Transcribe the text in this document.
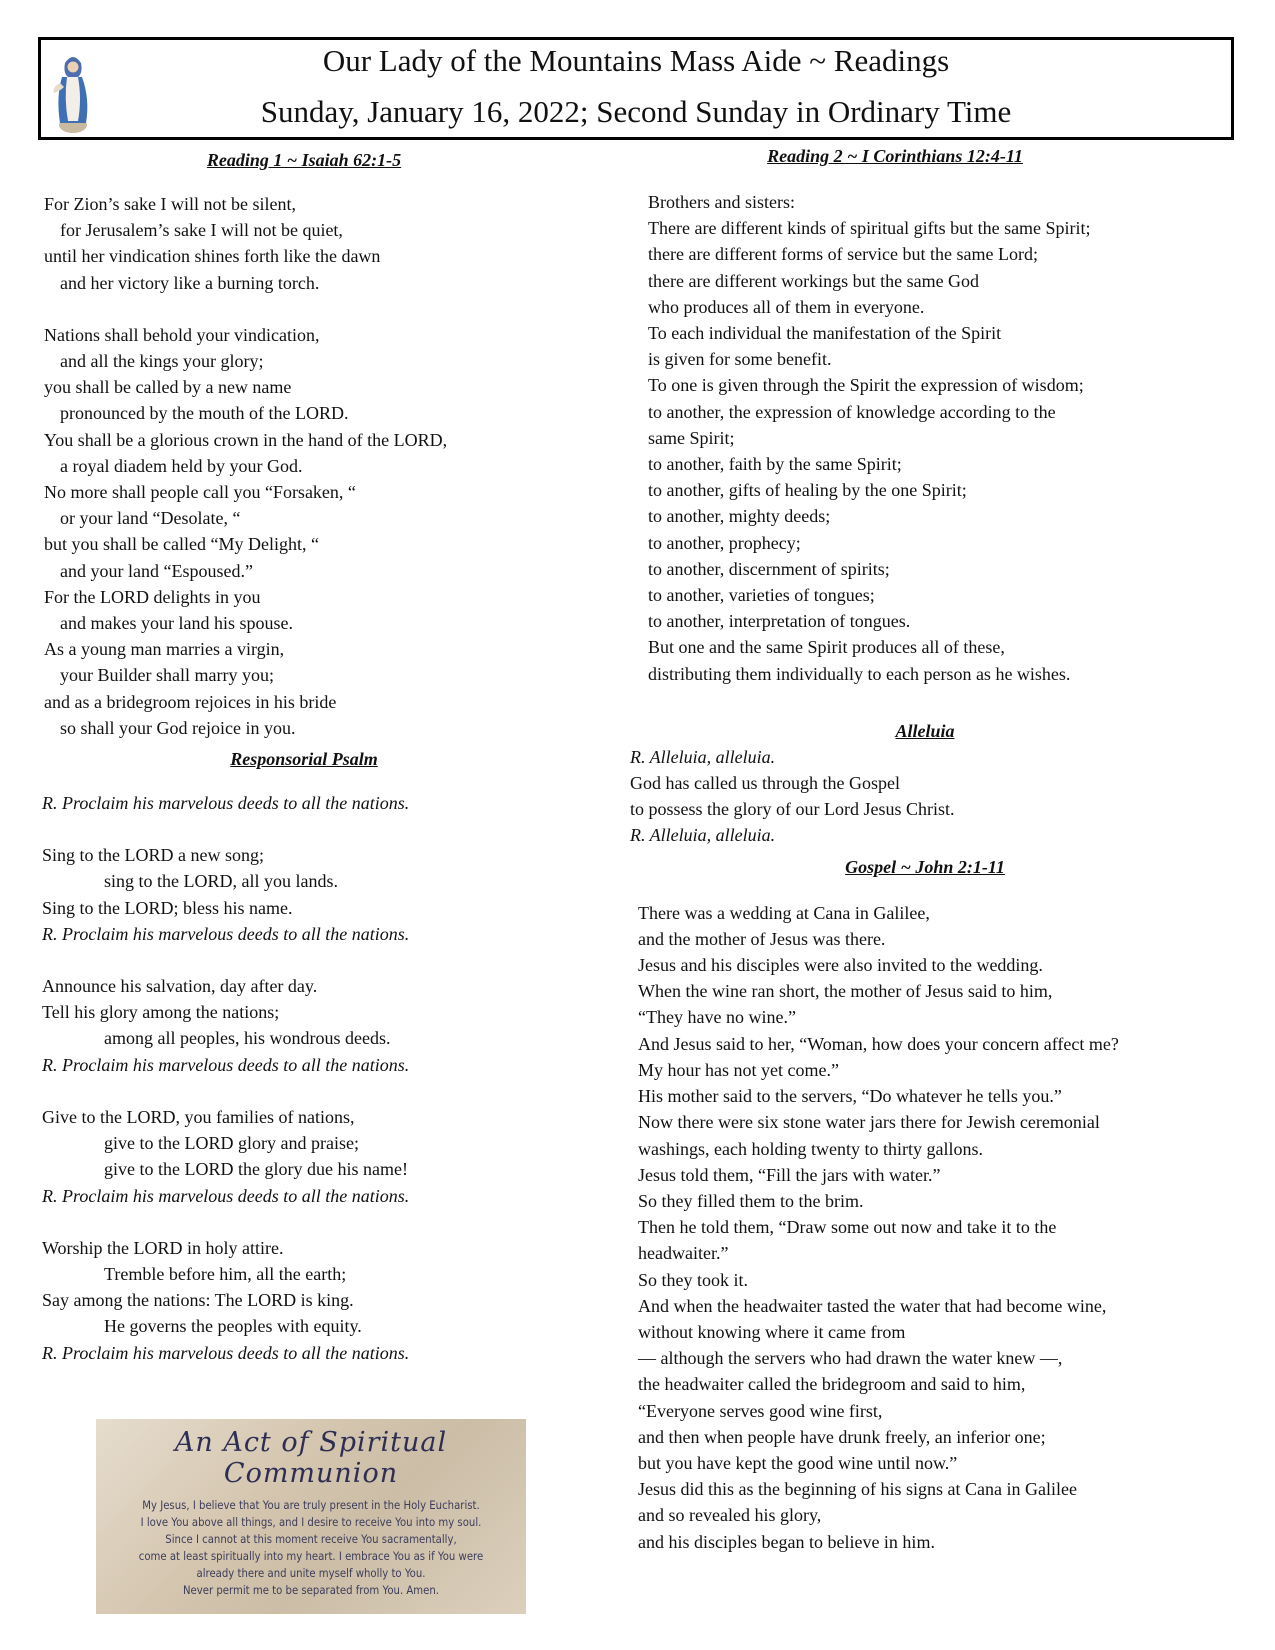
Our Lady of the Mountains Mass Aide ~ Readings
Sunday, January 16, 2022; Second Sunday in Ordinary Time
Reading 1 ~ Isaiah 62:1-5
For Zion’s sake I will not be silent,
for Jerusalem’s sake I will not be quiet,
until her vindication shines forth like the dawn
and her victory like a burning torch.
Nations shall behold your vindication,
and all the kings your glory;
you shall be called by a new name
pronounced by the mouth of the LORD.
You shall be a glorious crown in the hand of the LORD,
a royal diadem held by your God.
No more shall people call you “Forsaken, “
or your land “Desolate, “
but you shall be called “My Delight, “
and your land “Espoused.”
For the LORD delights in you
and makes your land his spouse.
As a young man marries a virgin,
your Builder shall marry you;
and as a bridegroom rejoices in his bride
so shall your God rejoice in you.
Responsorial Psalm
R. Proclaim his marvelous deeds to all the nations.
Sing to the LORD a new song;
sing to the LORD, all you lands.
Sing to the LORD; bless his name.
R. Proclaim his marvelous deeds to all the nations.
Announce his salvation, day after day.
Tell his glory among the nations;
among all peoples, his wondrous deeds.
R. Proclaim his marvelous deeds to all the nations.
Give to the LORD, you families of nations,
give to the LORD glory and praise;
give to the LORD the glory due his name!
R. Proclaim his marvelous deeds to all the nations.
Worship the LORD in holy attire.
Tremble before him, all the earth;
Say among the nations: The LORD is king.
He governs the peoples with equity.
R. Proclaim his marvelous deeds to all the nations.
An Act of Spiritual Communion
My Jesus, I believe that You are truly present in the Holy Eucharist.
I love You above all things, and I desire to receive You into my soul.
Since I cannot at this moment receive You sacramentally,
come at least spiritually into my heart. I embrace You as if You were
already there and unite myself wholly to You.
Never permit me to be separated from You. Amen.
Reading 2 ~ I Corinthians 12:4-11
Brothers and sisters:
There are different kinds of spiritual gifts but the same Spirit;
there are different forms of service but the same Lord;
there are different workings but the same God
who produces all of them in everyone.
To each individual the manifestation of the Spirit
is given for some benefit.
To one is given through the Spirit the expression of wisdom;
to another, the expression of knowledge according to the
same Spirit;
to another, faith by the same Spirit;
to another, gifts of healing by the one Spirit;
to another, mighty deeds;
to another, prophecy;
to another, discernment of spirits;
to another, varieties of tongues;
to another, interpretation of tongues.
But one and the same Spirit produces all of these,
distributing them individually to each person as he wishes.
Alleluia
R. Alleluia, alleluia.
God has called us through the Gospel
to possess the glory of our Lord Jesus Christ.
R. Alleluia, alleluia.
Gospel ~ John 2:1-11
There was a wedding at Cana in Galilee,
and the mother of Jesus was there.
Jesus and his disciples were also invited to the wedding.
When the wine ran short, the mother of Jesus said to him,
“They have no wine.”
And Jesus said to her, “Woman, how does your concern affect me?
My hour has not yet come.”
His mother said to the servers, “Do whatever he tells you.”
Now there were six stone water jars there for Jewish ceremonial
washings, each holding twenty to thirty gallons.
Jesus told them, “Fill the jars with water.”
So they filled them to the brim.
Then he told them, “Draw some out now and take it to the
headwaiter.”
So they took it.
And when the headwaiter tasted the water that had become wine,
without knowing where it came from
— although the servers who had drawn the water knew —,
the headwaiter called the bridegroom and said to him,
“Everyone serves good wine first,
and then when people have drunk freely, an inferior one;
but you have kept the good wine until now.”
Jesus did this as the beginning of his signs at Cana in Galilee
and so revealed his glory,
and his disciples began to believe in him.
